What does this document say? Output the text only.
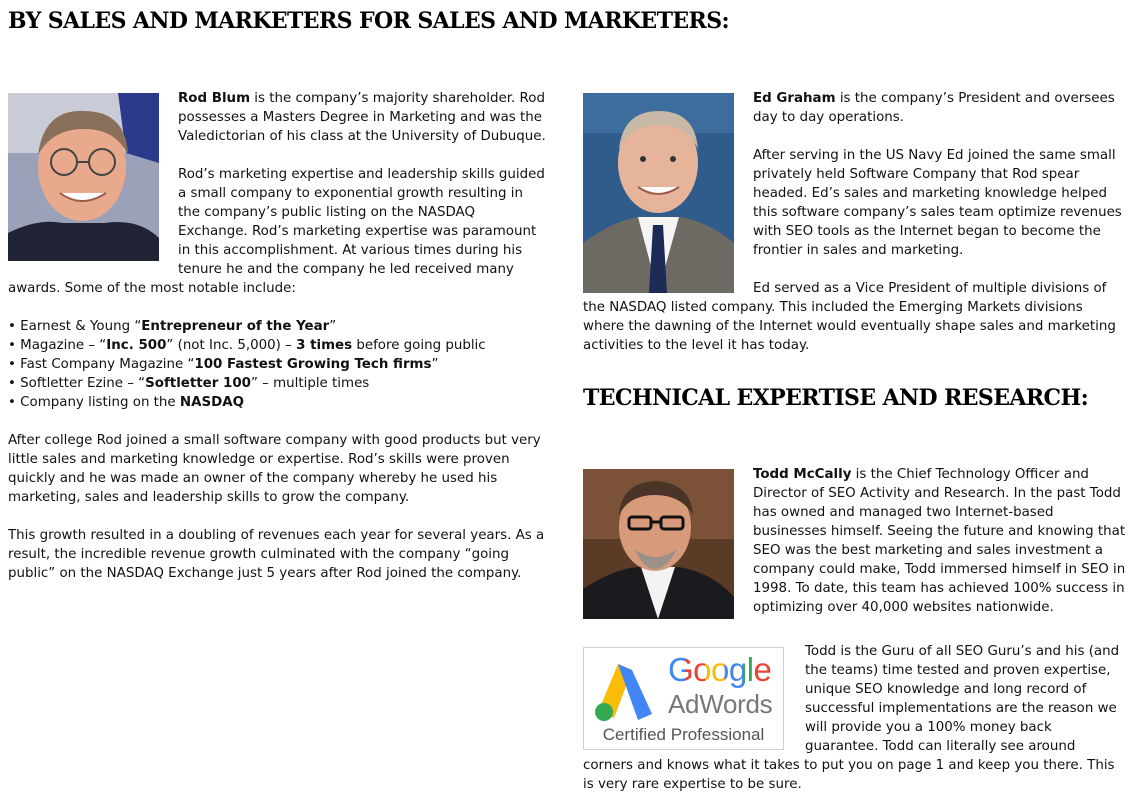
BY SALES AND MARKETERS FOR SALES AND MARKETERS:

Rod Blum is the company’s majority shareholder. Rod possesses a Masters Degree in Marketing and was the Valedictorian of his class at the University of Dubuque.

Rod’s marketing expertise and leadership skills guided a small company to exponential growth resulting in the company’s public listing on the NASDAQ Exchange. Rod’s marketing expertise was paramount in this accomplishment. At various times during his tenure he and the company he led received many awards. Some of the most notable include:

• Earnest & Young “Entrepreneur of the Year”
• Magazine – “Inc. 500” (not Inc. 5,000) – 3 times before going public
• Fast Company Magazine “100 Fastest Growing Tech firms”
• Softletter Ezine – “Softletter 100” – multiple times
• Company listing on the NASDAQ

After college Rod joined a small software company with good products but very little sales and marketing knowledge or expertise. Rod’s skills were proven quickly and he was made an owner of the company whereby he used his marketing, sales and leadership skills to grow the company.

This growth resulted in a doubling of revenues each year for several years. As a result, the incredible revenue growth culminated with the company “going public” on the NASDAQ Exchange just 5 years after Rod joined the company.

Ed Graham is the company’s President and oversees day to day operations.

After serving in the US Navy Ed joined the same small privately held Software Company that Rod spear headed. Ed’s sales and marketing knowledge helped this software company’s sales team optimize revenues with SEO tools as the Internet began to become the frontier in sales and marketing.

Ed served as a Vice President of multiple divisions of the NASDAQ listed company. This included the Emerging Markets divisions where the dawning of the Internet would eventually shape sales and marketing activities to the level it has today.

TECHNICAL EXPERTISE AND RESEARCH:

Todd McCally is the Chief Technology Officer and Director of SEO Activity and Research. In the past Todd has owned and managed two Internet-based businesses himself. Seeing the future and knowing that SEO was the best marketing and sales investment a company could make, Todd immersed himself in SEO in 1998. To date, this team has achieved 100% success in optimizing over 40,000 websites nationwide.

Google
AdWords
Certified Professional

Todd is the Guru of all SEO Guru’s and his (and the teams) time tested and proven expertise, unique SEO knowledge and long record of successful implementations are the reason we will provide you a 100% money back guarantee. Todd can literally see around corners and knows what it takes to put you on page 1 and keep you there. This is very rare expertise to be sure.
